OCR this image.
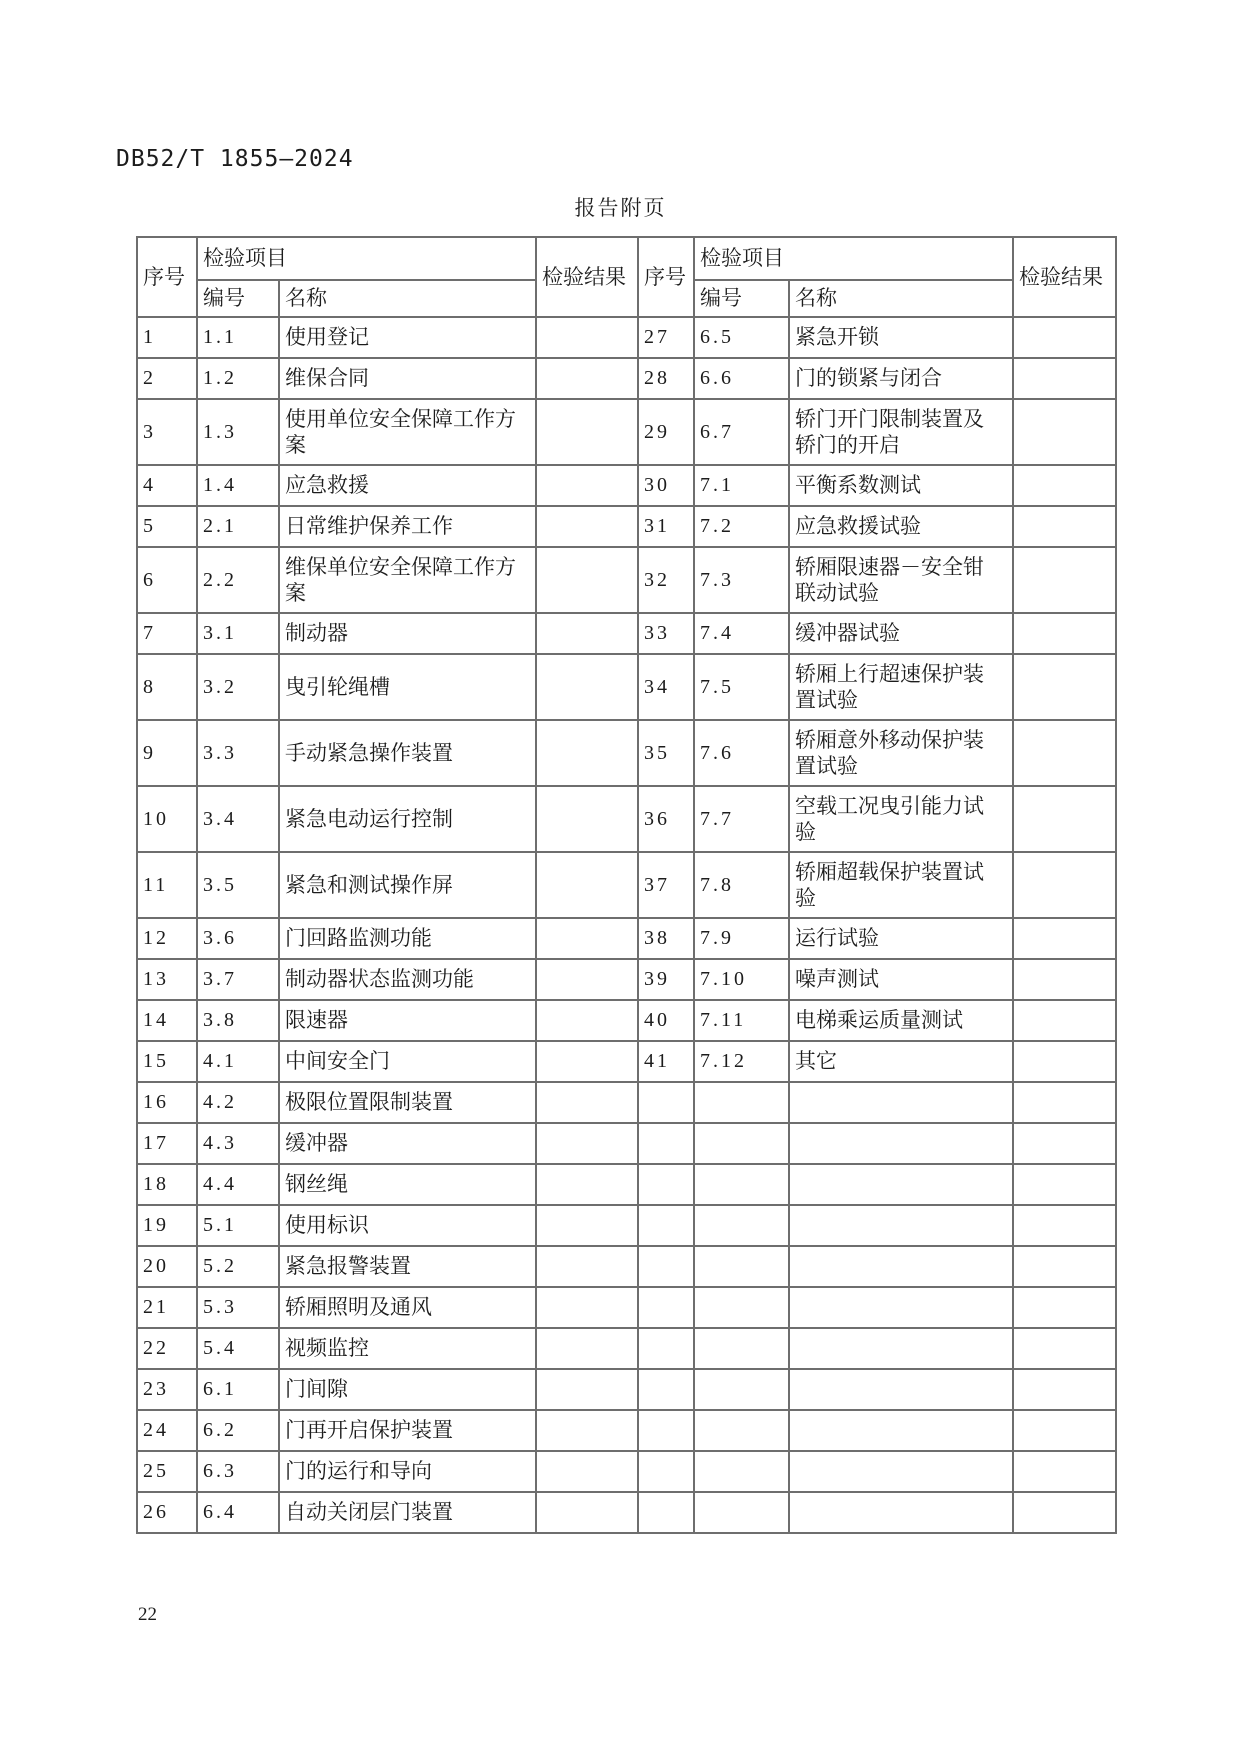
DB52/T 1855—2024
报告附页
序号	检验项目		检验结果	序号	检验项目		检验结果
	编号	名称			编号	名称	
1	1.1	使用登记		27	6.5	紧急开锁	
2	1.2	维保合同		28	6.6	门的锁紧与闭合	
3	1.3	使用单位安全保障工作方案		29	6.7	轿门开门限制装置及轿门的开启	
4	1.4	应急救援		30	7.1	平衡系数测试	
5	2.1	日常维护保养工作		31	7.2	应急救援试验	
6	2.2	维保单位安全保障工作方案		32	7.3	轿厢限速器－安全钳联动试验	
7	3.1	制动器		33	7.4	缓冲器试验	
8	3.2	曳引轮绳槽		34	7.5	轿厢上行超速保护装置试验	
9	3.3	手动紧急操作装置		35	7.6	轿厢意外移动保护装置试验	
10	3.4	紧急电动运行控制		36	7.7	空载工况曳引能力试验	
11	3.5	紧急和测试操作屏		37	7.8	轿厢超载保护装置试验	
12	3.6	门回路监测功能		38	7.9	运行试验	
13	3.7	制动器状态监测功能		39	7.10	噪声测试	
14	3.8	限速器		40	7.11	电梯乘运质量测试	
15	4.1	中间安全门		41	7.12	其它	
16	4.2	极限位置限制装置					
17	4.3	缓冲器					
18	4.4	钢丝绳					
19	5.1	使用标识					
20	5.2	紧急报警装置					
21	5.3	轿厢照明及通风					
22	5.4	视频监控					
23	6.1	门间隙					
24	6.2	门再开启保护装置					
25	6.3	门的运行和导向					
26	6.4	自动关闭层门装置					
22
